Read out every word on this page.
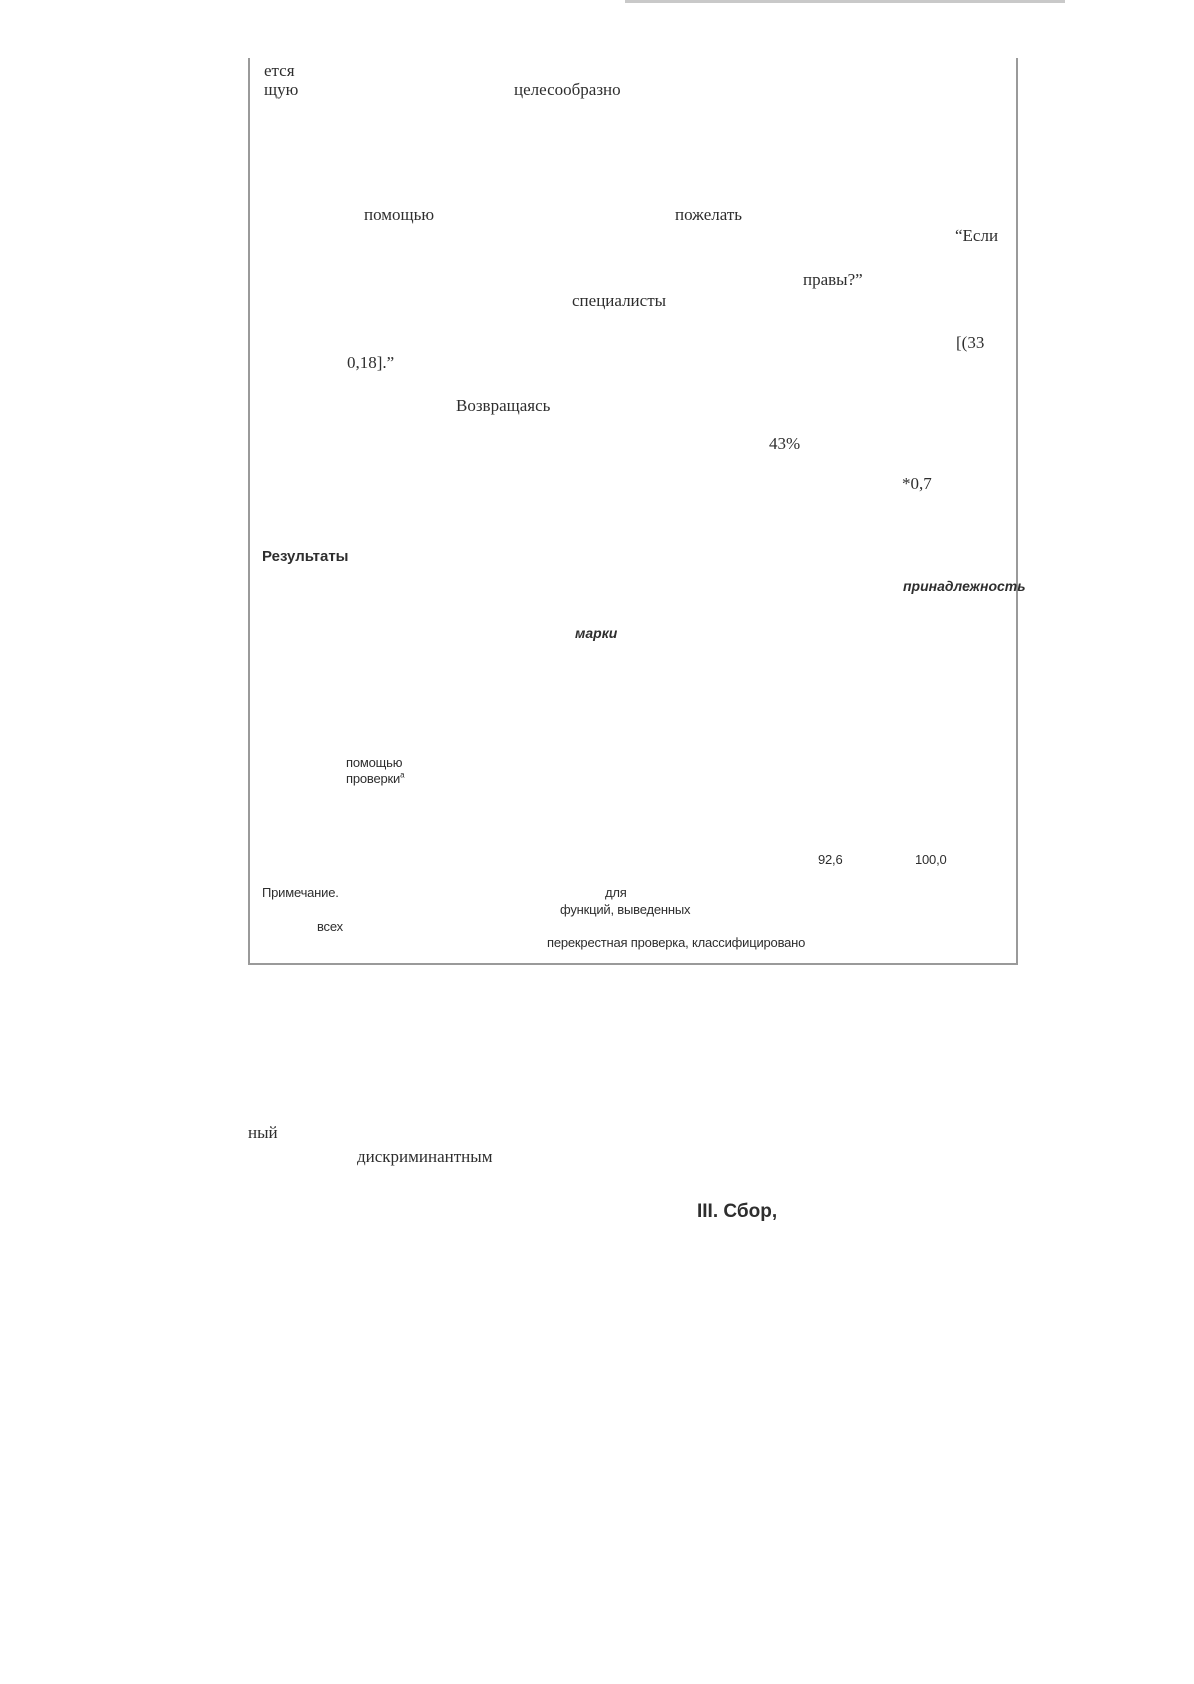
ется
щую	целесообразно
помощью	пожелать
“Если
правы?”
специалисты
[(33
0,18].”
Возвращаясь
43%
*0,7
Результаты
принадлежность
марки
помощью
проверки$^а$
92,6	100,0
Примечание.	для
функций, выведенных
всех
перекрестная проверка, классифицировано
ный
дискриминантным
III. Сбор,
